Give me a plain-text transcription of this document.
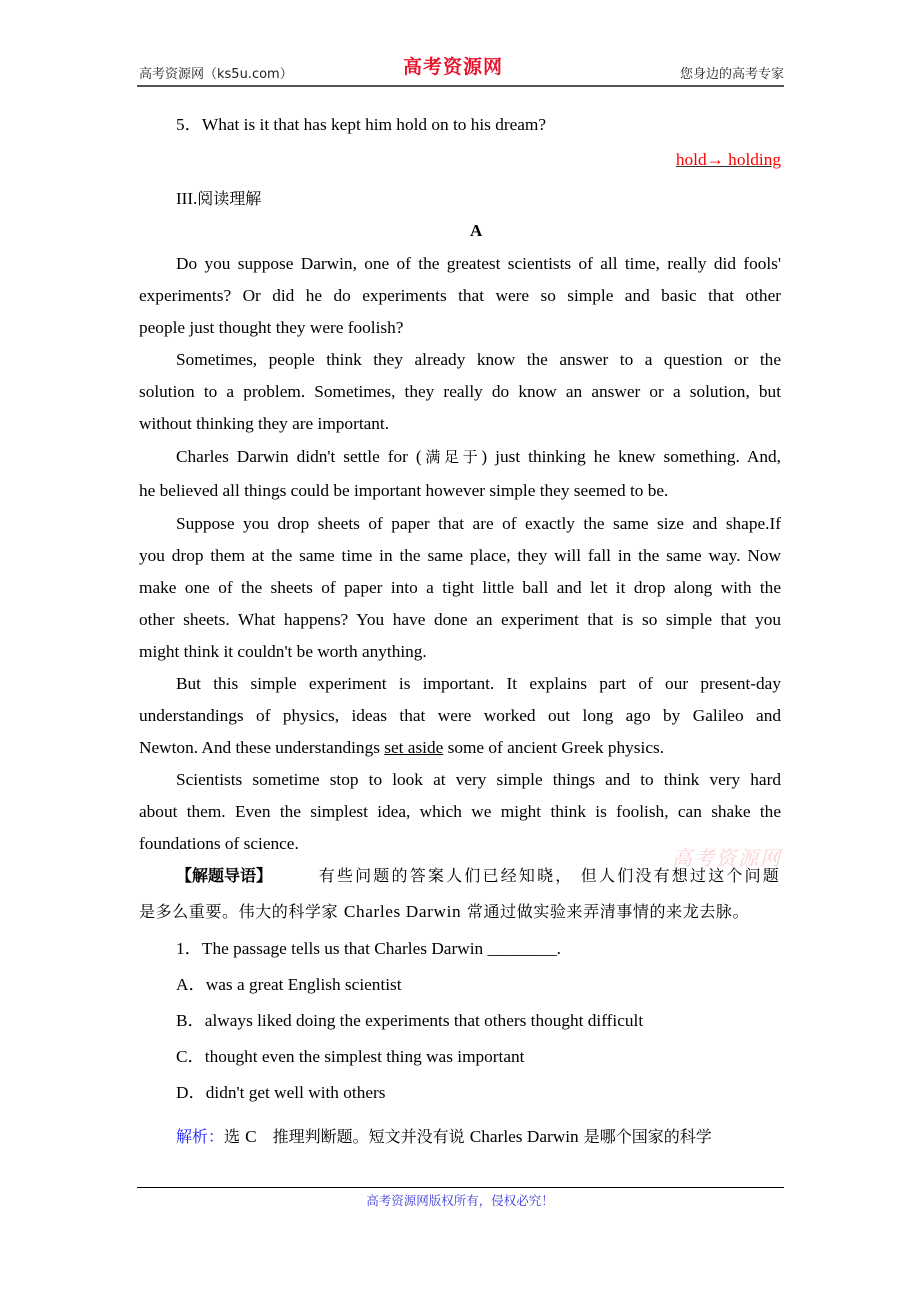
高考资源网（ks5u.com）	高考资源网	您身边的高考专家
5．What is it that has kept him hold on to his dream?
hold→ holding
III.阅读理解
A
Do you suppose Darwin, one of the greatest scientists of all time, really did fools'
experiments? Or did he do experiments that were so simple and basic that other
people just thought they were foolish?
Sometimes, people think they already know the answer to a question or the
solution to a problem. Sometimes, they really do know an answer or a solution, but
without thinking they are important.
Charles Darwin didn't settle for (满足于) just thinking he knew something. And,
he believed all things could be important however simple they seemed to be.
Suppose you drop sheets of paper that are of exactly the same size and shape.If
you drop them at the same time in the same place, they will fall in the same way. Now
make one of the sheets of paper into a tight little ball and let it drop along with the
other sheets. What happens? You have done an experiment that is so simple that you
might think it couldn't be worth anything.
But this simple experiment is important. It explains part of our present-day
understandings of physics, ideas that were worked out long ago by Galileo and
Newton. And these understandings set aside some of ancient Greek physics.
Scientists sometime stop to look at very simple things and to think very hard
about them. Even the simplest idea, which we might think is foolish, can shake the
foundations of science.
高考资源网
【解题导语】	有些问题的答案人们已经知晓， 但人们没有想过这个问题
是多么重要。伟大的科学家 Charles Darwin 常通过做实验来弄清事情的来龙去脉。
1．The passage tells us that Charles Darwin ________.
A．was a great English scientist
B．always liked doing the experiments that others thought difficult
C．thought even the simplest thing was important
D．didn't get well with others
解析：选 C　推理判断题。短文并没有说 Charles Darwin 是哪个国家的科学
高考资源网版权所有，侵权必究！
